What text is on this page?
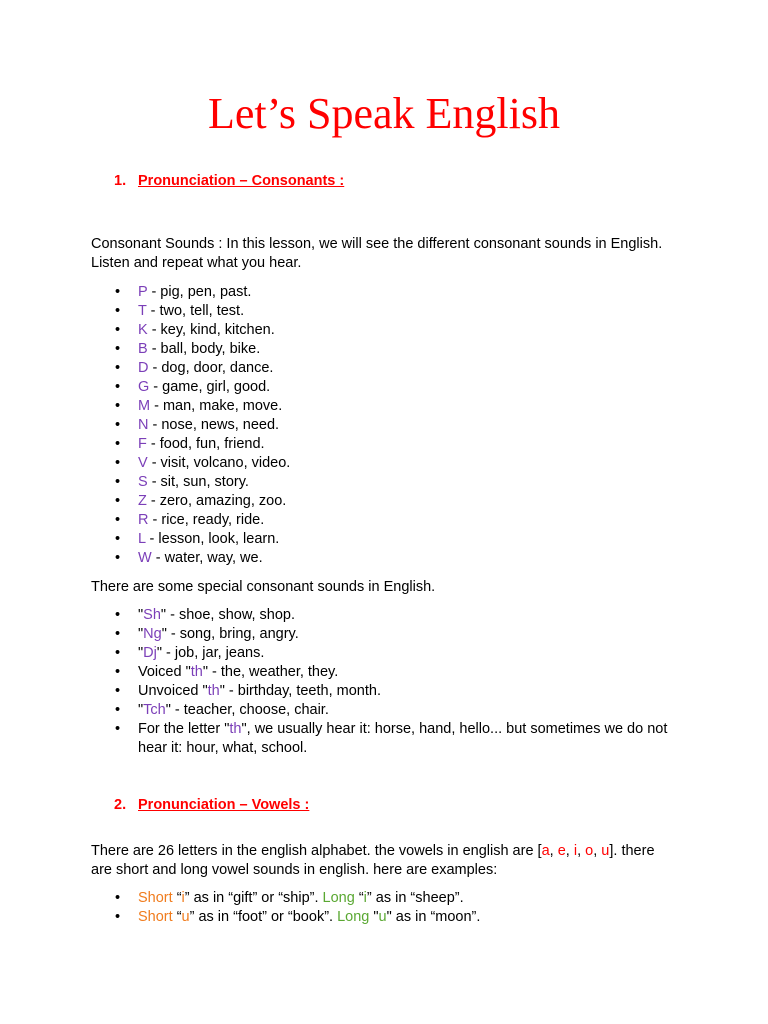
Let’s Speak English
1. Pronunciation – Consonants :
Consonant Sounds : In this lesson, we will see the different consonant sounds in English. Listen and repeat what you hear.
• P - pig, pen, past.
• T - two, tell, test.
• K - key, kind, kitchen.
• B - ball, body, bike.
• D - dog, door, dance.
• G - game, girl, good.
• M - man, make, move.
• N - nose, news, need.
• F - food, fun, friend.
• V - visit, volcano, video.
• S - sit, sun, story.
• Z - zero, amazing, zoo.
• R - rice, ready, ride.
• L - lesson, look, learn.
• W - water, way, we.
There are some special consonant sounds in English.
• "Sh" - shoe, show, shop.
• "Ng" - song, bring, angry.
• "Dj" - job, jar, jeans.
• Voiced "th" - the, weather, they.
• Unvoiced "th" - birthday, teeth, month.
• "Tch" - teacher, choose, chair.
• For the letter "th", we usually hear it: horse, hand, hello... but sometimes we do not hear it: hour, what, school.
2. Pronunciation – Vowels :
There are 26 letters in the english alphabet. the vowels in english are [a, e, i, o, u]. there are short and long vowel sounds in english. here are examples:
• Short “i” as in “gift” or “ship”. Long “i” as in “sheep”.
• Short “u” as in “foot” or “book”. Long "u" as in “moon”.
